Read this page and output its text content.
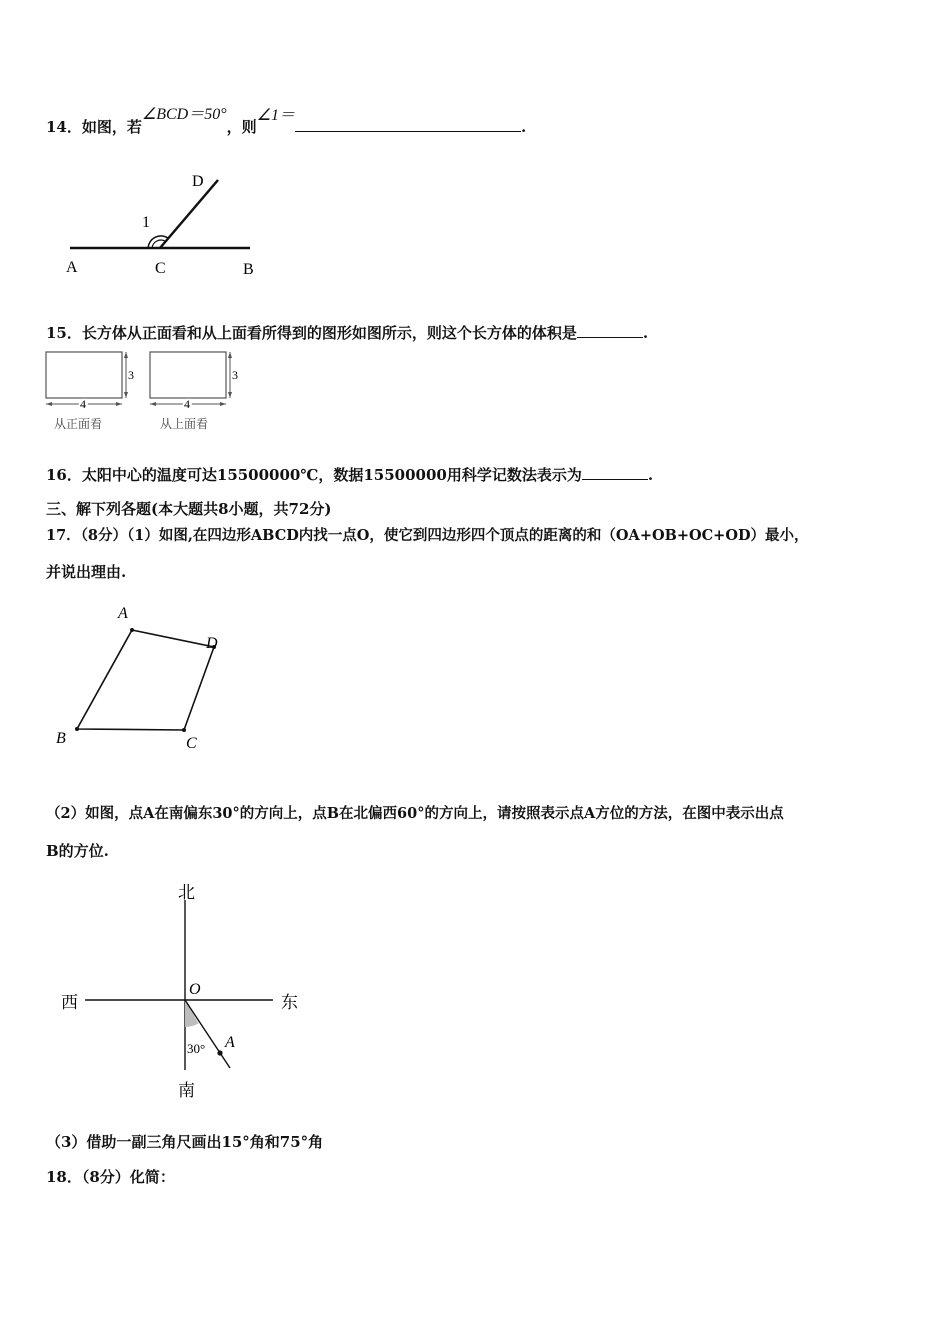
14．如图，若∠BCD＝50°，则∠1＝.
D
1
A	C	B
15．长方体从正面看和从上面看所得到的图形如图所示，则这个长方体的体积是	.
3
4
从正面看
3
4
从上面看
16．太阳中心的温度可达15500000℃，数据15500000用科学记数法表示为	.
三、解下列各题(本大题共8小题，共72分)
17．（8分）（1）如图,在四边形ABCD内找一点O，使它到四边形四个顶点的距离的和（OA+OB+OC+OD）最小，
并说出理由.
A
D
B	C
（2）如图，点A在南偏东30°的方向上，点B在北偏西60°的方向上，请按照表示点A方位的方法，在图中表示出点
B的方位.
北
西	东
南
O
30° A
（3）借助一副三角尺画出15°角和75°角
18．（8分）化简：
